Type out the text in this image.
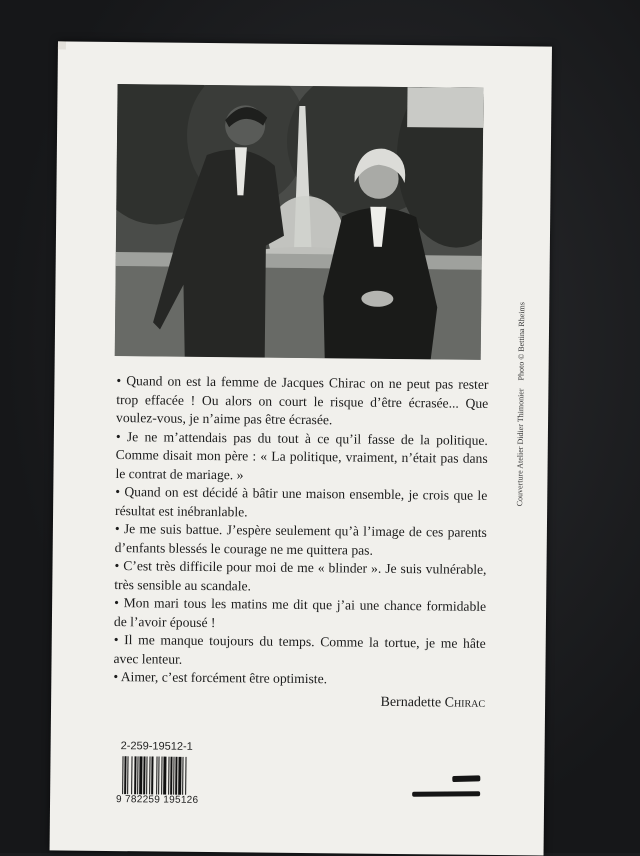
• Quand on est la femme de Jacques Chirac on ne peut pas rester trop effacée ! Ou alors on court le risque d’être écrasée... Que voulez-vous, je n’aime pas être écrasée.

• Je ne m’attendais pas du tout à ce qu’il fasse de la politique. Comme disait mon père : « La politique, vraiment, n’était pas dans le contrat de mariage. »

• Quand on est décidé à bâtir une maison ensemble, je crois que le résultat est inébranlable.

• Je me suis battue. J’espère seulement qu’à l’image de ces parents d’enfants blessés le courage ne me quittera pas.

• C’est très difficile pour moi de me « blinder ». Je suis vulnérable, très sensible au scandale.

• Mon mari tous les matins me dit que j’ai une chance formidable de l’avoir épousé !

• Il me manque toujours du temps. Comme la tortue, je me hâte avec lenteur.

• Aimer, c’est forcément être optimiste.

Bernadette Chirac
Couverture Atelier Didier Thimonier Photo © Bettina Rheims
2-259-19512-1
9 782259 195126
